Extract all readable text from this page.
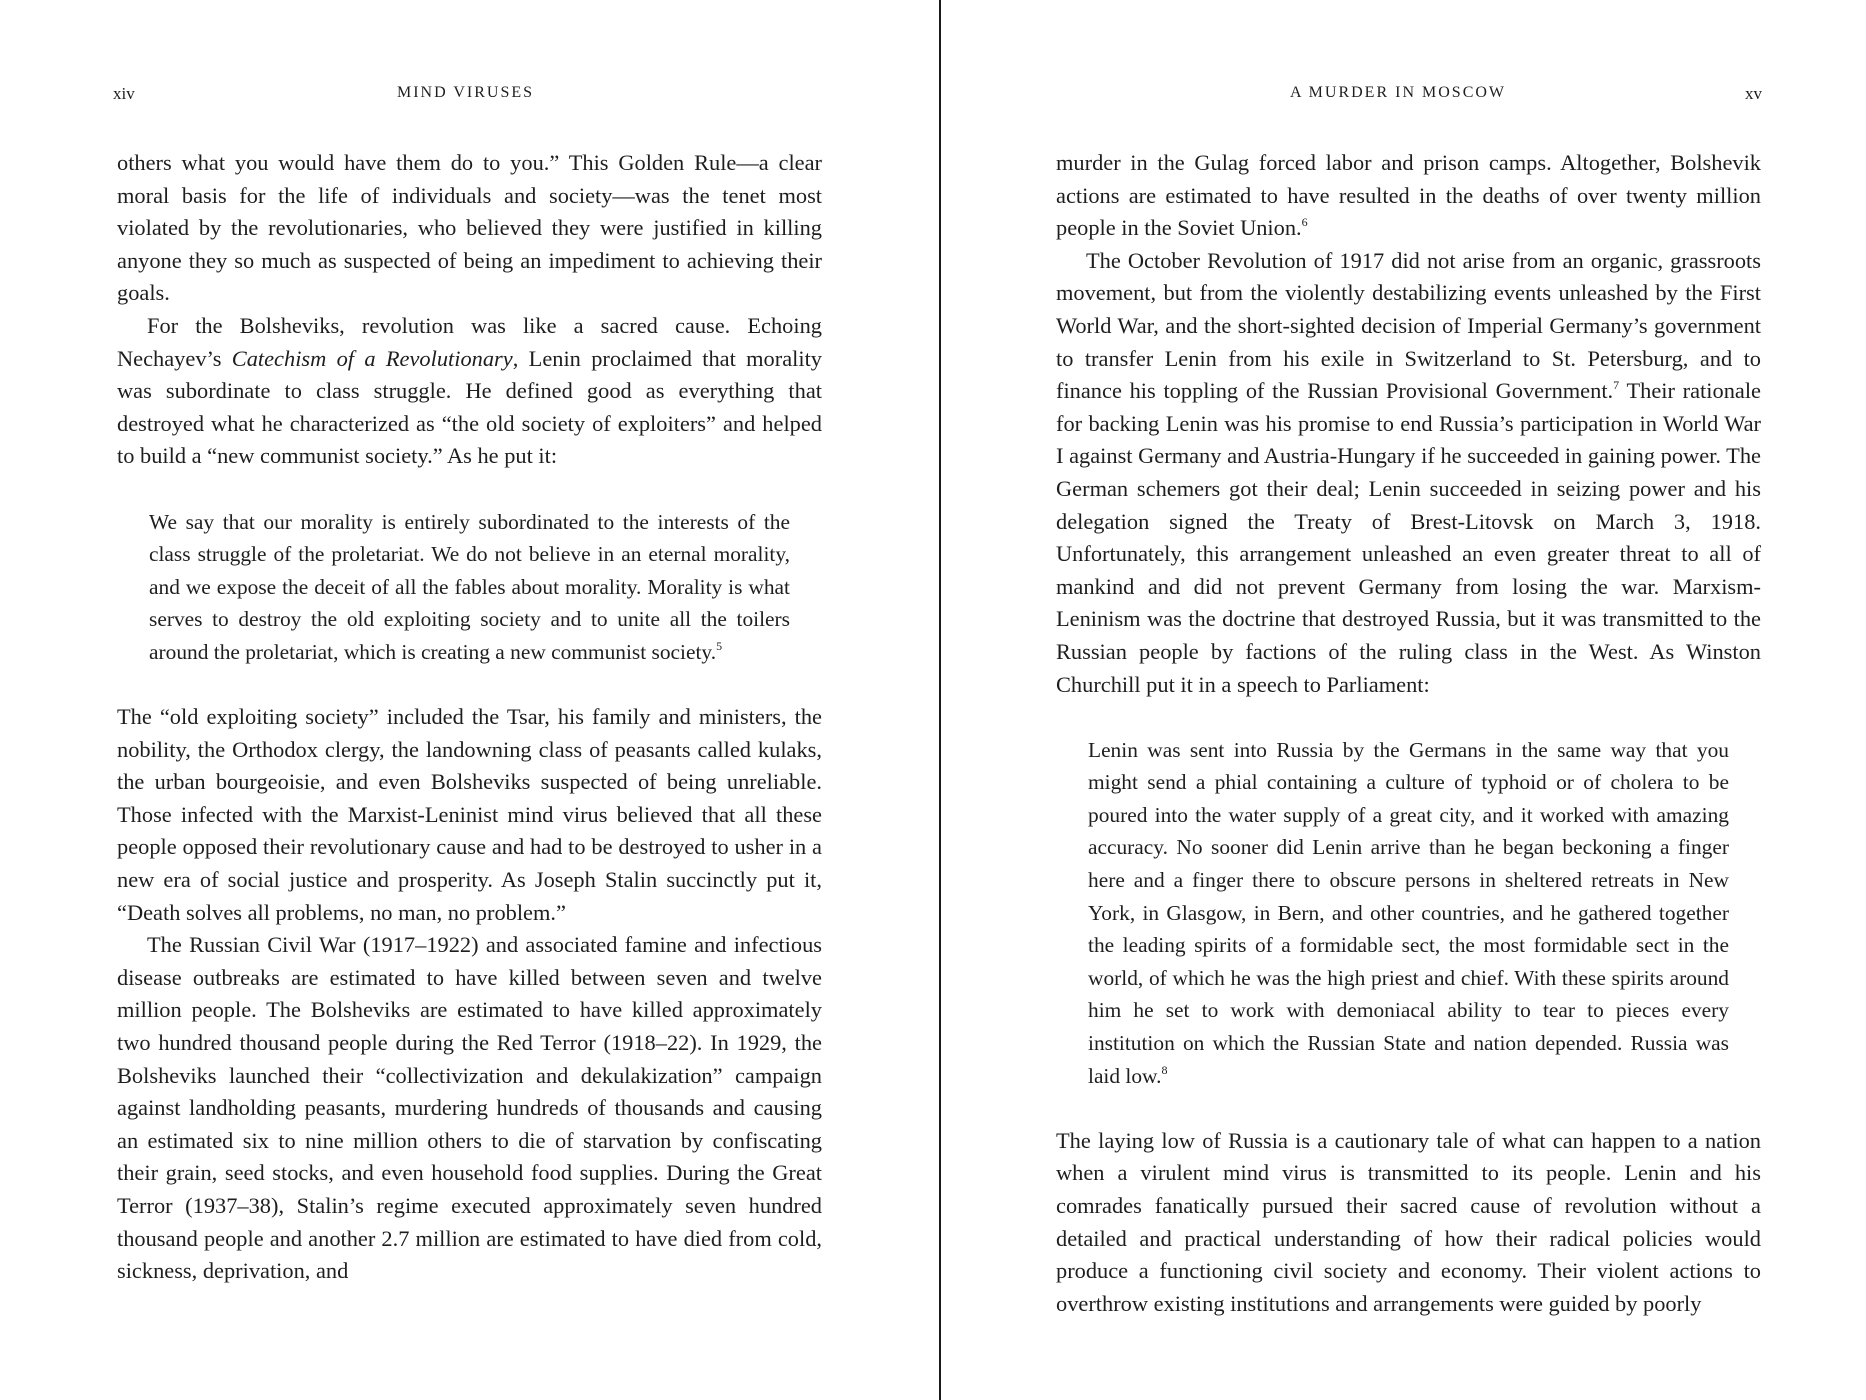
xiv	MIND VIRUSES

others what you would have them do to you.” This Golden Rule—a clear moral basis for the life of individuals and society—was the tenet most violated by the revolutionaries, who believed they were justified in killing anyone they so much as suspected of being an impediment to achieving their goals.

For the Bolsheviks, revolution was like a sacred cause. Echoing Nechayev’s Catechism of a Revolutionary, Lenin proclaimed that morality was subordinate to class struggle. He defined good as everything that destroyed what he characterized as “the old society of exploiters” and helped to build a “new communist society.” As he put it:

We say that our morality is entirely subordinated to the interests of the class struggle of the proletariat. We do not believe in an eternal morality, and we expose the deceit of all the fables about morality. Morality is what serves to destroy the old exploiting society and to unite all the toilers around the proletariat, which is creating a new communist society.$^5$

The “old exploiting society” included the Tsar, his family and ministers, the nobility, the Orthodox clergy, the landowning class of peasants called kulaks, the urban bourgeoisie, and even Bolsheviks suspected of being unreliable. Those infected with the Marxist-Leninist mind virus believed that all these people opposed their revolutionary cause and had to be destroyed to usher in a new era of social justice and prosperity. As Joseph Stalin succinctly put it, “Death solves all problems, no man, no problem.”

The Russian Civil War (1917–1922) and associated famine and infectious disease outbreaks are estimated to have killed between seven and twelve million people. The Bolsheviks are estimated to have killed approximately two hundred thousand people during the Red Terror (1918–22). In 1929, the Bolsheviks launched their “collectivization and dekulakization” campaign against landholding peasants, murdering hundreds of thousands and causing an estimated six to nine million others to die of starvation by confiscating their grain, seed stocks, and even household food supplies. During the Great Terror (1937–38), Stalin’s regime executed approximately seven hundred thousand people and another 2.7 million are estimated to have died from cold, sickness, deprivation, and

A MURDER IN MOSCOW	xv

murder in the Gulag forced labor and prison camps. Altogether, Bolshevik actions are estimated to have resulted in the deaths of over twenty million people in the Soviet Union.$^6$

The October Revolution of 1917 did not arise from an organic, grassroots movement, but from the violently destabilizing events unleashed by the First World War, and the short-sighted decision of Imperial Germany’s government to transfer Lenin from his exile in Switzerland to St. Petersburg, and to finance his toppling of the Russian Provisional Government.$^7$ Their rationale for backing Lenin was his promise to end Russia’s participation in World War I against Germany and Austria-Hungary if he succeeded in gaining power. The German schemers got their deal; Lenin succeeded in seizing power and his delegation signed the Treaty of Brest-Litovsk on March 3, 1918. Unfortunately, this arrangement unleashed an even greater threat to all of mankind and did not prevent Germany from losing the war. Marxism-Leninism was the doctrine that destroyed Russia, but it was transmitted to the Russian people by factions of the ruling class in the West. As Winston Churchill put it in a speech to Parliament:

Lenin was sent into Russia by the Germans in the same way that you might send a phial containing a culture of typhoid or of cholera to be poured into the water supply of a great city, and it worked with amazing accuracy. No sooner did Lenin arrive than he began beckoning a finger here and a finger there to obscure persons in sheltered retreats in New York, in Glasgow, in Bern, and other countries, and he gathered together the leading spirits of a formidable sect, the most formidable sect in the world, of which he was the high priest and chief. With these spirits around him he set to work with demoniacal ability to tear to pieces every institution on which the Russian State and nation depended. Russia was laid low.$^8$

The laying low of Russia is a cautionary tale of what can happen to a nation when a virulent mind virus is transmitted to its people. Lenin and his comrades fanatically pursued their sacred cause of revolution without a detailed and practical understanding of how their radical policies would produce a functioning civil society and economy. Their violent actions to overthrow existing institutions and arrangements were guided by poorly
